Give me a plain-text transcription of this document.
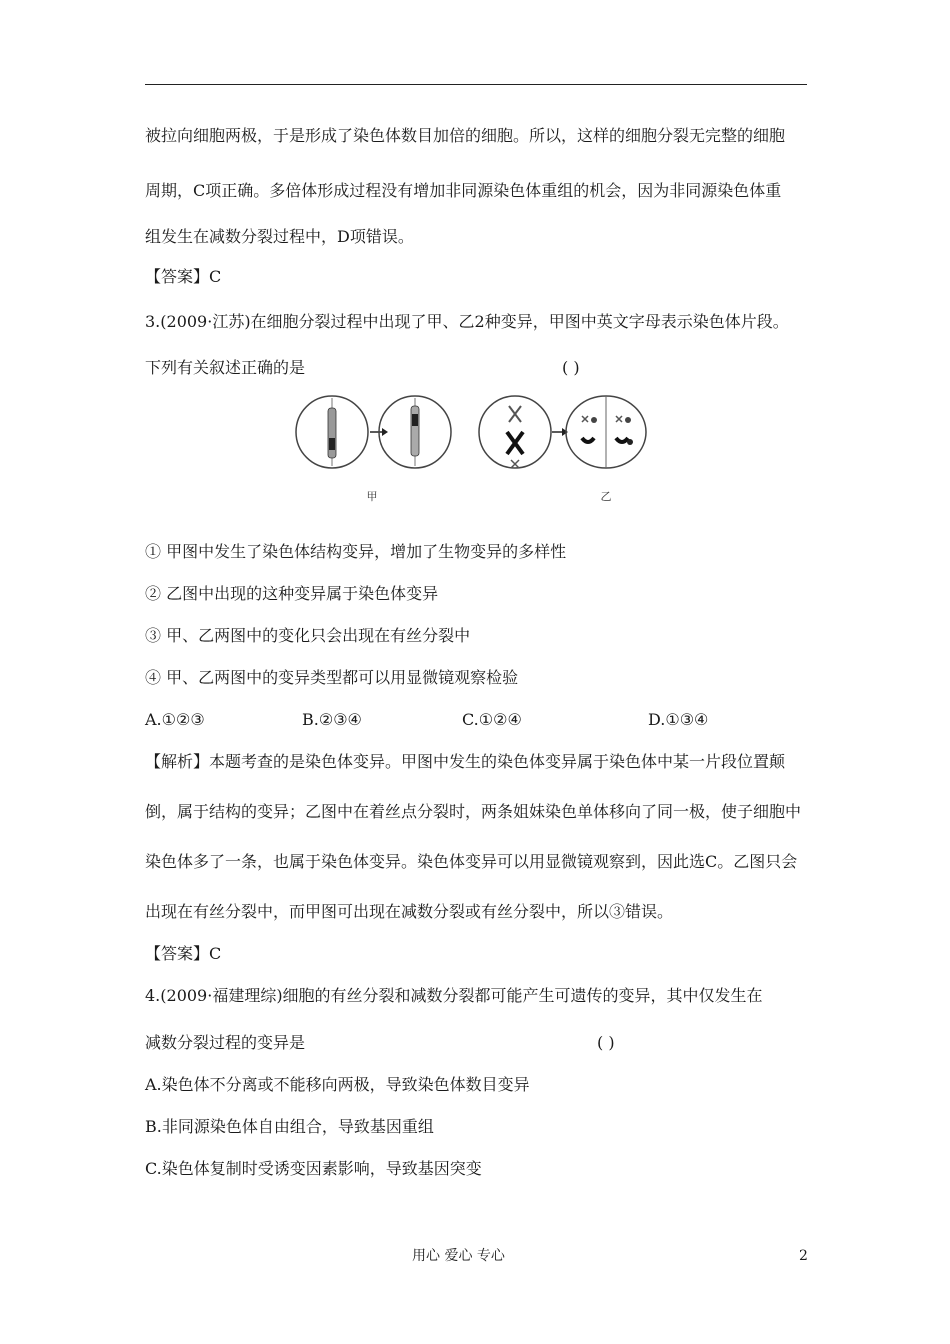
被拉向细胞两极，于是形成了染色体数目加倍的细胞。所以，这样的细胞分裂无完整的细胞
周期，C项正确。多倍体形成过程没有增加非同源染色体重组的机会，因为非同源染色体重
组发生在减数分裂过程中，D项错误。
【答案】C
3.(2009·江苏)在细胞分裂过程中出现了甲、乙2种变异，甲图中英文字母表示染色体片段。
下列有关叙述正确的是	( )
甲	乙
① 甲图中发生了染色体结构变异，增加了生物变异的多样性
② 乙图中出现的这种变异属于染色体变异
③ 甲、乙两图中的变化只会出现在有丝分裂中
④ 甲、乙两图中的变异类型都可以用显微镜观察检验
A.①②③	B.②③④	C.①②④	D.①③④
【解析】本题考查的是染色体变异。甲图中发生的染色体变异属于染色体中某一片段位置颠
倒，属于结构的变异；乙图中在着丝点分裂时，两条姐妹染色单体移向了同一极，使子细胞中
染色体多了一条，也属于染色体变异。染色体变异可以用显微镜观察到，因此选C。乙图只会
出现在有丝分裂中，而甲图可出现在减数分裂或有丝分裂中，所以③错误。
【答案】C
4.(2009·福建理综)细胞的有丝分裂和减数分裂都可能产生可遗传的变异，其中仅发生在
减数分裂过程的变异是	( )
A.染色体不分离或不能移向两极，导致染色体数目变异
B.非同源染色体自由组合，导致基因重组
C.染色体复制时受诱变因素影响，导致基因突变
用心 爱心 专心	2
